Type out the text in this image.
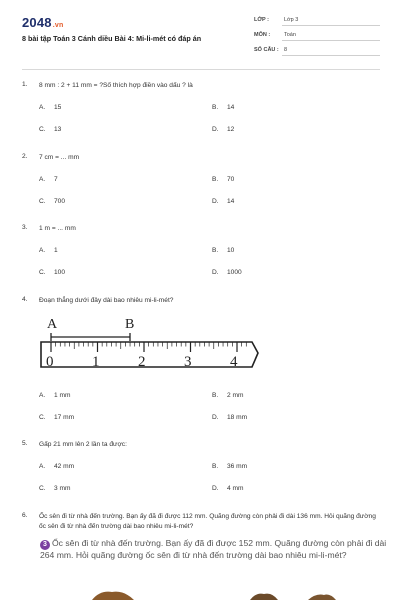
2048.vn
8 bài tập Toán 3 Cánh diều Bài 4: Mi-li-mét có đáp án
LỚP :	Lớp 3
MÔN :	Toán
SỐ CÂU : 8
1. 8 mm : 2 + 11 mm = ?Số thích hợp điền vào dấu ? là
A. 15	B. 14
C. 13	D. 12
2. 7 cm = ... mm
A. 7	B. 70
C. 700	D. 14
3. 1 m = ... mm
A. 1	B. 10
C. 100	D. 1000
4. Đoạn thẳng dưới đây dài bao nhiêu mi-li-mét?
A	B
0	1	2	3	4
A. 1 mm	B. 2 mm
C. 17 mm	D. 18 mm
5. Gấp 21 mm lên 2 lần ta được:
A. 42 mm	B. 36 mm
C. 3 mm	D. 4 mm
6. Ốc sên đi từ nhà đến trường. Bạn ấy đã đi được 112 mm. Quãng đường còn phải đi dài 136 mm. Hỏi quãng đường ốc sên đi từ nhà đến trường dài bao nhiêu mi-li-mét?
3 Ốc sên đi từ nhà đến trường. Bạn ấy đã đi được 152 mm. Quãng đường còn phải đi dài 264 mm. Hỏi quãng đường ốc sên đi từ nhà đến trường dài bao nhiêu mi-li-mét?
